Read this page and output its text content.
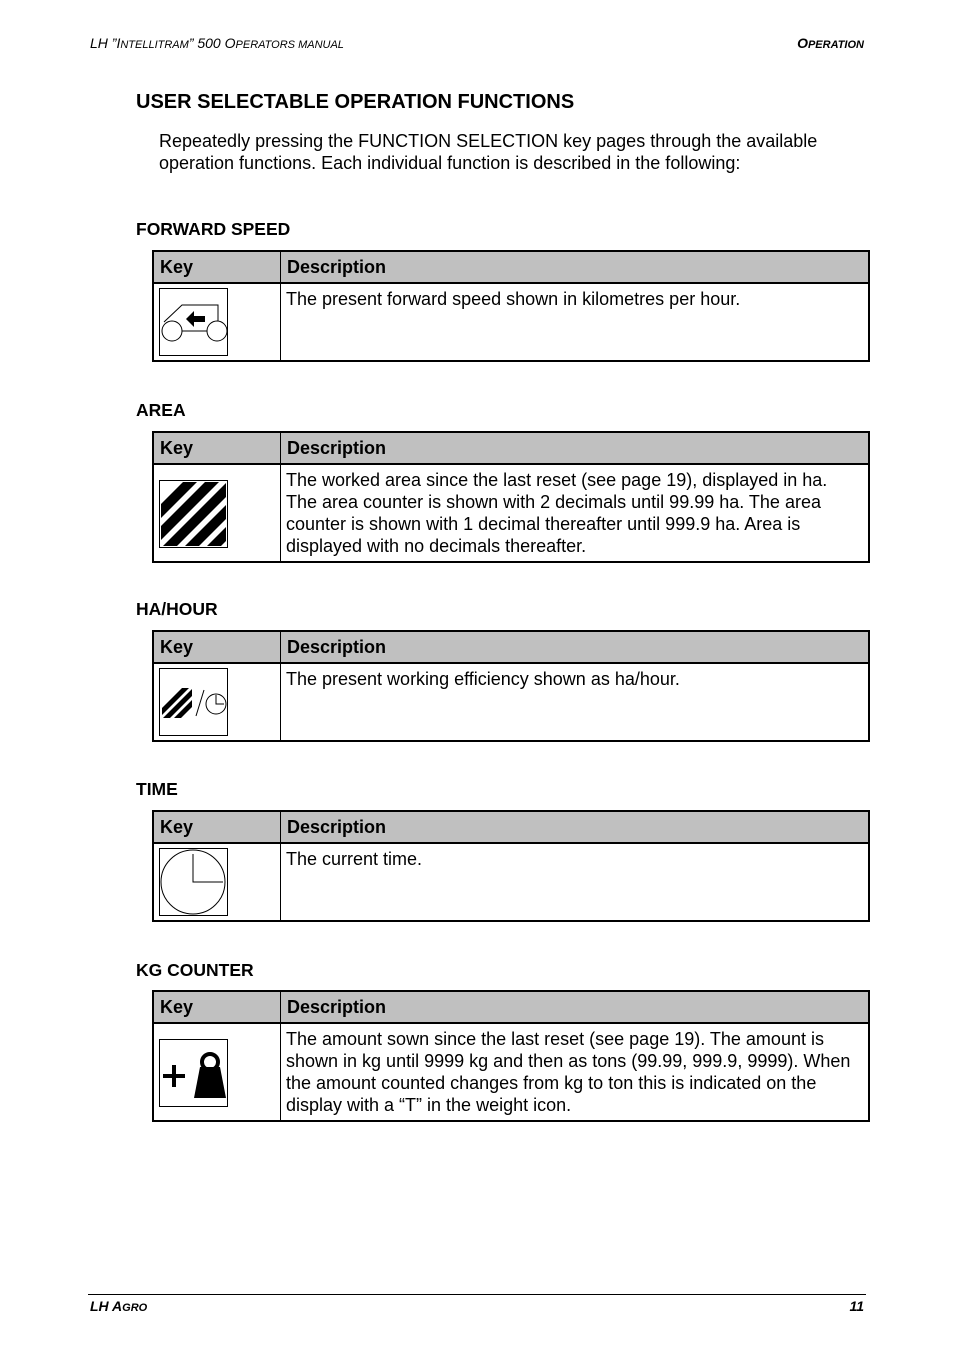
LH ”INTELLITRAM” 500 OPERATORS MANUAL	OPERATION
USER SELECTABLE OPERATION FUNCTIONS

Repeatedly pressing the FUNCTION SELECTION key pages through the available operation functions. Each individual function is described in the following:

FORWARD SPEED
Key	Description

	The present forward speed shown in kilometres per hour.
AREA
Key	Description

	The worked area since the last reset (see page 19), displayed in ha. The area counter is shown with 2 decimals until 99.99 ha. The area counter is shown with 1 decimal thereafter until 999.9 ha. Area is displayed with no decimals thereafter.
HA/HOUR
Key	Description

	The present working efficiency shown as ha/hour.
TIME
Key	Description

	The current time.
KG COUNTER
Key	Description

	The amount sown since the last reset (see page 19). The amount is shown in kg until 9999 kg and then as tons (99.99, 999.9, 9999). When the amount counted changes from kg to ton this is indicated on the display with a “T” in the weight icon.
LH AGRO	11
